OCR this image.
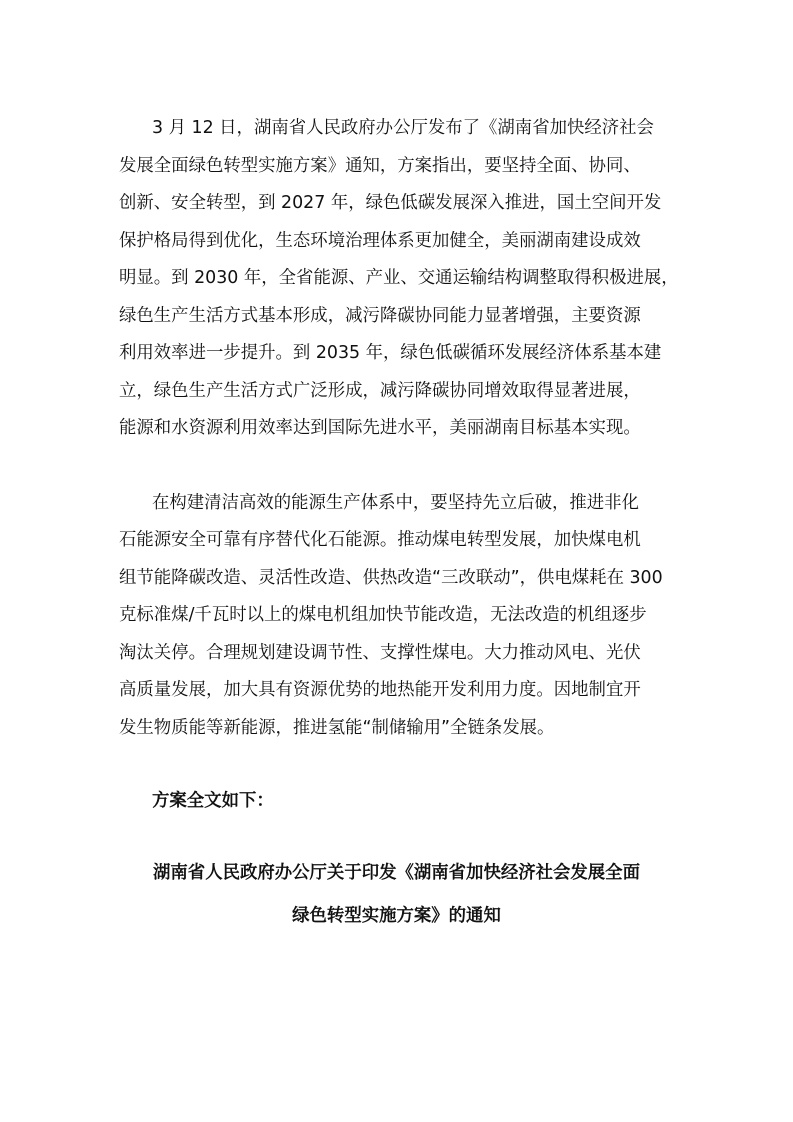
3 月 12 日，湖南省人民政府办公厅发布了《湖南省加快经济社会
发展全面绿色转型实施方案》通知，方案指出，要坚持全面、协同、
创新、安全转型，到 2027 年，绿色低碳发展深入推进，国土空间开发
保护格局得到优化，生态环境治理体系更加健全，美丽湖南建设成效
明显。到 2030 年，全省能源、产业、交通运输结构调整取得积极进展，
绿色生产生活方式基本形成，减污降碳协同能力显著增强，主要资源
利用效率进一步提升。到 2035 年，绿色低碳循环发展经济体系基本建
立，绿色生产生活方式广泛形成，减污降碳协同增效取得显著进展，
能源和水资源利用效率达到国际先进水平，美丽湖南目标基本实现。
在构建清洁高效的能源生产体系中，要坚持先立后破，推进非化
石能源安全可靠有序替代化石能源。推动煤电转型发展，加快煤电机
组节能降碳改造、灵活性改造、供热改造“三改联动”，供电煤耗在 300
克标准煤/千瓦时以上的煤电机组加快节能改造，无法改造的机组逐步
淘汰关停。合理规划建设调节性、支撑性煤电。大力推动风电、光伏
高质量发展，加大具有资源优势的地热能开发利用力度。因地制宜开
发生物质能等新能源，推进氢能“制储输用”全链条发展。
方案全文如下：
湖南省人民政府办公厅关于印发《湖南省加快经济社会发展全面
绿色转型实施方案》的通知
